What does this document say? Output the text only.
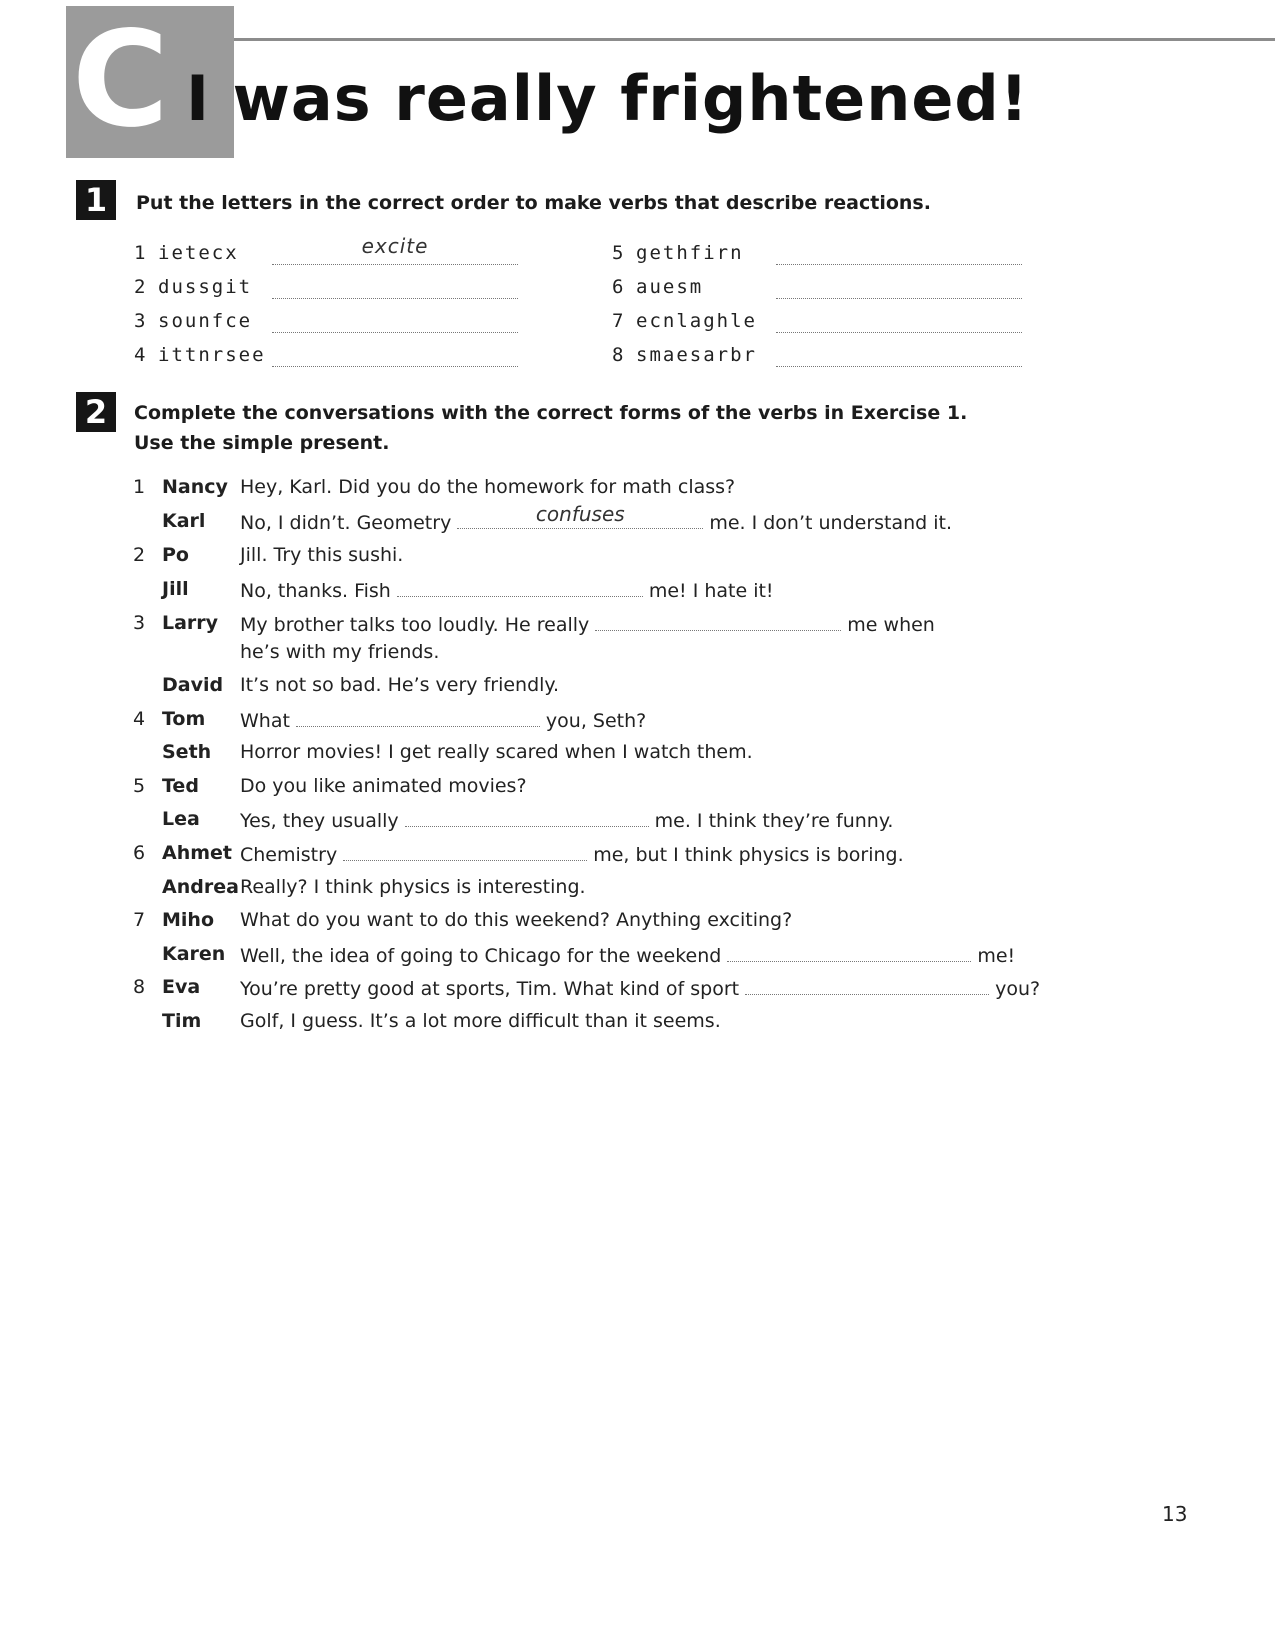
C I was really frightened!
1	Put the letters in the correct order to make verbs that describe reactions.
1 ietecx	excite
2 dussgit
3 sounfce
4 ittnrsee
5 gethfirn
6 auesm
7 ecnlaghle
8 smaesarbr
2	Complete the conversations with the correct forms of the verbs in Exercise 1.
Use the simple present.
1 Nancy Hey, Karl. Did you do the homework for math class?
Karl No, I didn’t. Geometry	confuses	me. I don’t understand it.
2 Po	Jill. Try this sushi.
Jill	No, thanks. Fish	me! I hate it!
3 Larry My brother talks too loudly. He really	me when
he’s with my friends.
David It’s not so bad. He’s very friendly.
4 Tom What	you, Seth?
Seth Horror movies! I get really scared when I watch them.
5 Ted Do you like animated movies?
Lea Yes, they usually	me. I think they’re funny.
6 Ahmet Chemistry	me, but I think physics is boring.
Andrea Really? I think physics is interesting.
7 Miho What do you want to do this weekend? Anything exciting?
Karen Well, the idea of going to Chicago for the weekend	me!
8 Eva You’re pretty good at sports, Tim. What kind of sport	you?
Tim Golf, I guess. It’s a lot more difficult than it seems.
13
